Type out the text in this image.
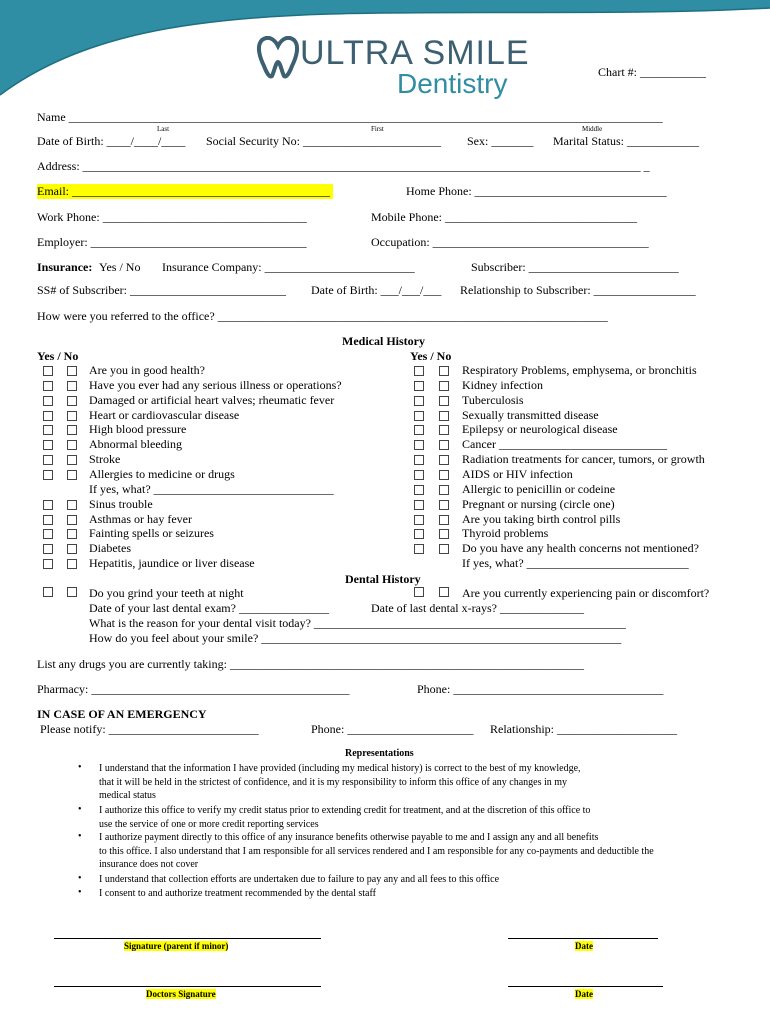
ULTRA SMILE
Dentistry	Chart #: ___________
Name ___________________________________________________________________________________________________
Last	First	Middle
Date of Birth: ____/____/____ Social Security No: _______________________ Sex: _______ Marital Status: ____________
Address: _____________________________________________________________________________________________ _
Email: ___________________________________________	Home Phone: ________________________________
Work Phone: __________________________________	Mobile Phone: ________________________________
Employer: ____________________________________	Occupation: ____________________________________
Insurance: Yes / No Insurance Company: _________________________	Subscriber: _________________________
SS# of Subscriber: __________________________ Date of Birth: ___/___/___ Relationship to Subscriber: _________________
How were you referred to the office? _________________________________________________________________
Medical History
Yes / No	Yes / No
Are you in good health?
Have you ever had any serious illness or operations?
Damaged or artificial heart valves; rheumatic fever
Heart or cardiovascular disease
High blood pressure
Abnormal bleeding
Stroke
Allergies to medicine or drugs
If yes, what? ______________________________
Sinus trouble
Asthmas or hay fever
Fainting spells or seizures
Diabetes
Hepatitis, jaundice or liver disease
Respiratory Problems, emphysema, or bronchitis
Kidney infection
Tuberculosis
Sexually transmitted disease
Epilepsy or neurological disease
Cancer ____________________________
Radiation treatments for cancer, tumors, or growth
AIDS or HIV infection
Allergic to penicillin or codeine
Pregnant or nursing (circle one)
Are you taking birth control pills
Thyroid problems
Do you have any health concerns not mentioned?
If yes, what? ___________________________
Dental History
Do you grind your teeth at night	Are you currently experiencing pain or discomfort?
Date of your last dental exam? _______________	Date of last dental x-rays? ______________
What is the reason for your dental visit today? ____________________________________________________
How do you feel about your smile? ____________________________________________________________
List any drugs you are currently taking: ___________________________________________________________
Pharmacy: ___________________________________________	Phone: ___________________________________
IN CASE OF AN EMERGENCY
Please notify: _________________________	Phone: _____________________ Relationship: ____________________
Representations
• I understand that the information I have provided (including my medical history) is correct to the best of my knowledge,
that it will be held in the strictest of confidence, and it is my responsibility to inform this office of any changes in my
medical status
• I authorize this office to verify my credit status prior to extending credit for treatment, and at the discretion of this office to
use the service of one or more credit reporting services
• I authorize payment directly to this office of any insurance benefits otherwise payable to me and I assign any and all benefits
to this office. I also understand that I am responsible for all services rendered and I am responsible for any co-payments and deductible the
insurance does not cover
• I understand that collection efforts are undertaken due to failure to pay any and all fees to this office
• I consent to and authorize treatment recommended by the dental staff
Signature (parent if minor)	Date
Doctors Signature	Date
